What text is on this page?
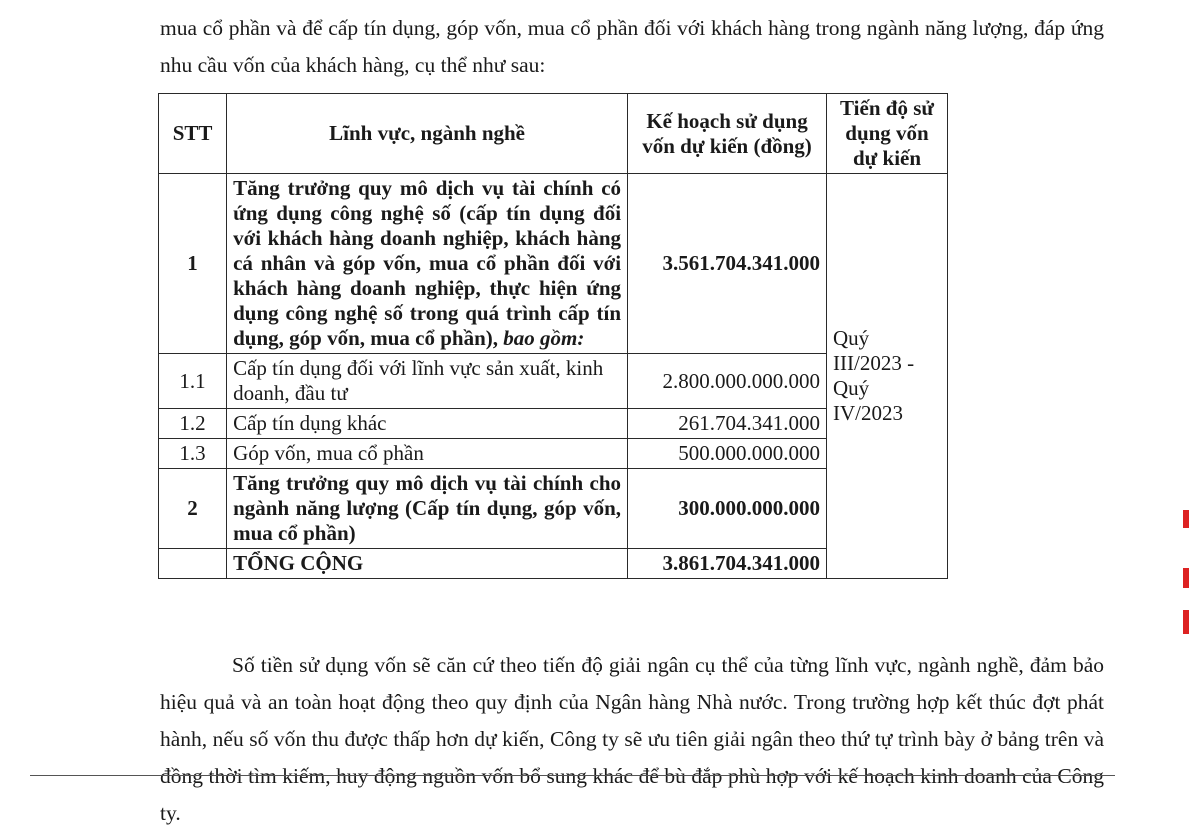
mua cổ phần và để cấp tín dụng, góp vốn, mua cổ phần đối với khách hàng trong ngành năng lượng, đáp ứng nhu cầu vốn của khách hàng, cụ thể như sau:

STT	Lĩnh vực, ngành nghề	Kế hoạch sử dụng vốn dự kiến (đồng)	Tiến độ sử dụng vốn dự kiến
1	Tăng trưởng quy mô dịch vụ tài chính có ứng dụng công nghệ số (cấp tín dụng đối với khách hàng doanh nghiệp, khách hàng cá nhân và góp vốn, mua cổ phần đối với khách hàng doanh nghiệp, thực hiện ứng dụng công nghệ số trong quá trình cấp tín dụng, góp vốn, mua cổ phần), bao gồm:	3.561.704.341.000	Quý III/2023 - Quý IV/2023
1.1	Cấp tín dụng đối với lĩnh vực sản xuất, kinh doanh, đầu tư	2.800.000.000.000	
1.2	Cấp tín dụng khác	261.704.341.000	
1.3	Góp vốn, mua cổ phần	500.000.000.000	
2	Tăng trưởng quy mô dịch vụ tài chính cho ngành năng lượng (Cấp tín dụng, góp vốn, mua cổ phần)	300.000.000.000	
	TỔNG CỘNG	3.861.704.341.000	

Số tiền sử dụng vốn sẽ căn cứ theo tiến độ giải ngân cụ thể của từng lĩnh vực, ngành nghề, đảm bảo hiệu quả và an toàn hoạt động theo quy định của Ngân hàng Nhà nước. Trong trường hợp kết thúc đợt phát hành, nếu số vốn thu được thấp hơn dự kiến, Công ty sẽ ưu tiên giải ngân theo thứ tự trình bày ở bảng trên và đồng thời tìm kiếm, huy động nguồn vốn bổ sung khác để bù đắp phù hợp với kế hoạch kinh doanh của Công ty.
